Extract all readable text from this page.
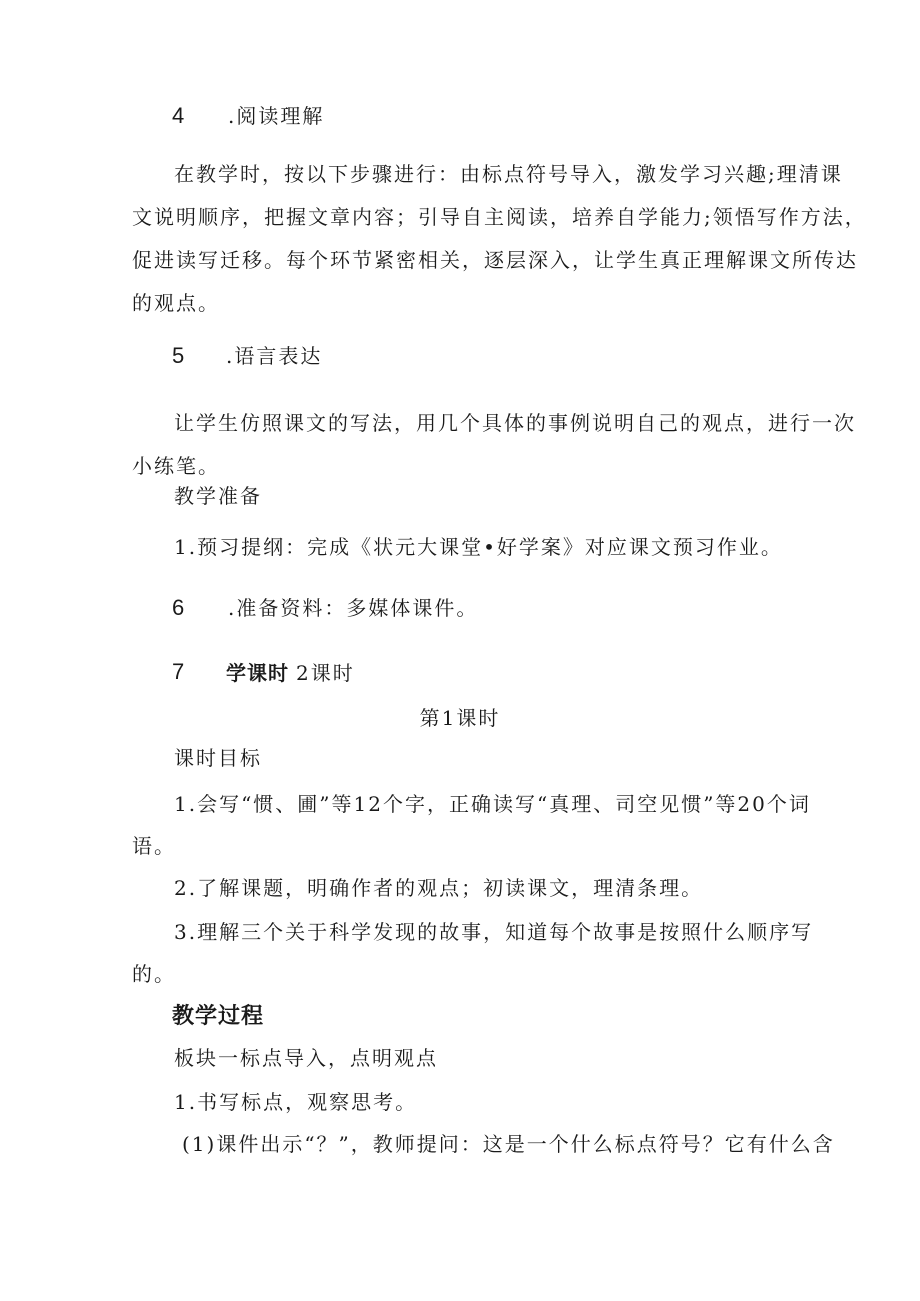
4 .阅读理解
在教学时，按以下步骤进行：由标点符号导入，激发学习兴趣;理清课
文说明顺序，把握文章内容；引导自主阅读，培养自学能力;领悟写作方法，
促进读写迁移。每个环节紧密相关，逐层深入，让学生真正理解课文所传达
的观点。
5 .语言表达
让学生仿照课文的写法，用几个具体的事例说明自己的观点，进行一次
小练笔。
教学准备
1.预习提纲：完成《状元大课堂•好学案》对应课文预习作业。
6 .准备资料：多媒体课件。
7 学课时 2课时
第1课时
课时目标
1.会写“惯、圃”等12个字，正确读写“真理、司空见惯”等20个词
语。
2.了解课题，明确作者的观点；初读课文，理清条理。
3.理解三个关于科学发现的故事，知道每个故事是按照什么顺序写
的。
教学过程
板块一标点导入，点明观点
1.书写标点，观察思考。
(1)课件出示“？”，教师提问：这是一个什么标点符号？它有什么含
